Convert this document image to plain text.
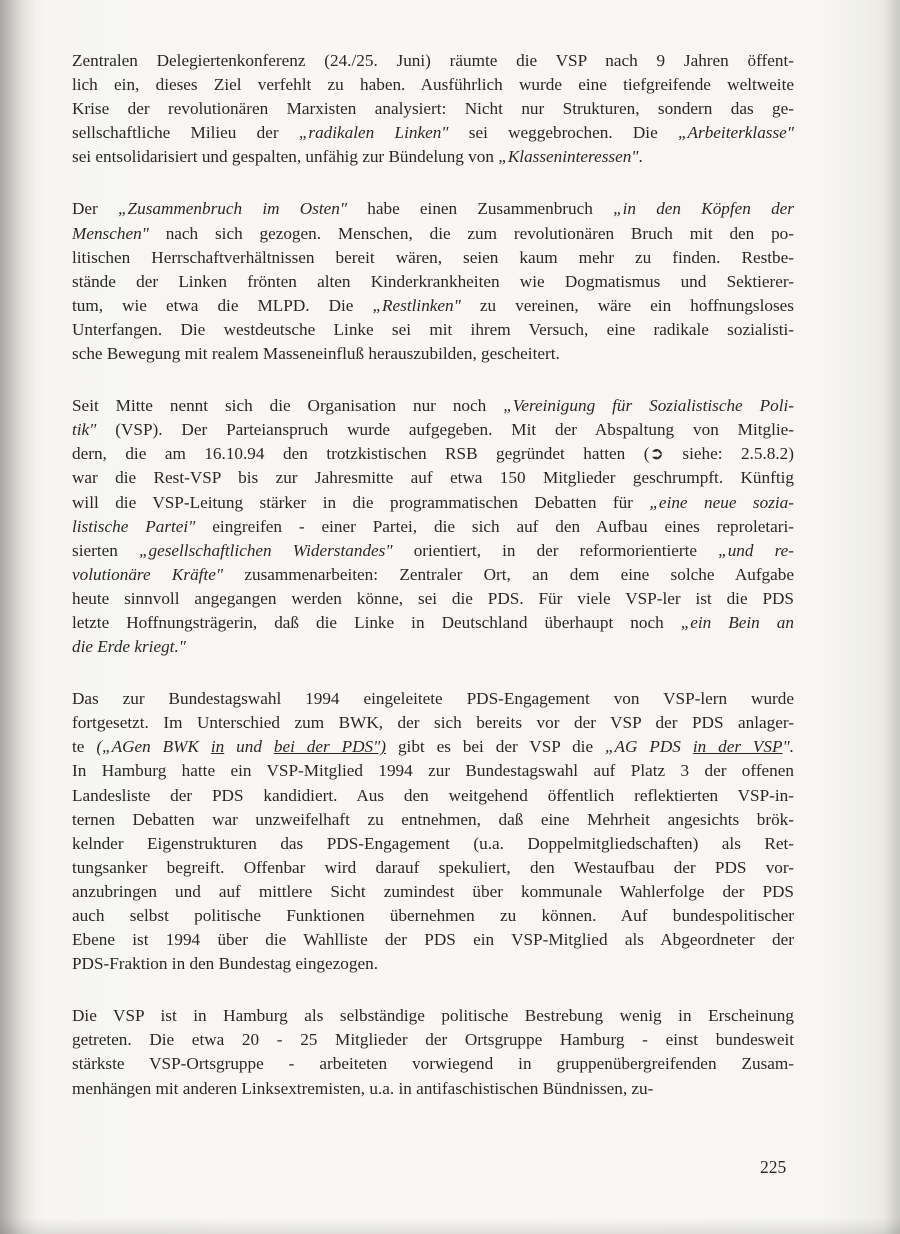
Zentralen Delegiertenkonferenz (24./25. Juni) räumte die VSP nach 9 Jahren öffent-
lich ein, dieses Ziel verfehlt zu haben. Ausführlich wurde eine tiefgreifende weltweite
Krise der revolutionären Marxisten analysiert: Nicht nur Strukturen, sondern das ge-
sellschaftliche Milieu der „radikalen Linken" sei weggebrochen. Die „Arbeiterklasse"
sei entsolidarisiert und gespalten, unfähig zur Bündelung von „Klasseninteressen".
Der „Zusammenbruch im Osten" habe einen Zusammenbruch „in den Köpfen der
Menschen" nach sich gezogen. Menschen, die zum revolutionären Bruch mit den po-
litischen Herrschaftverhältnissen bereit wären, seien kaum mehr zu finden. Restbe-
stände der Linken frönten alten Kinderkrankheiten wie Dogmatismus und Sektierer-
tum, wie etwa die MLPD. Die „Restlinken" zu vereinen, wäre ein hoffnungsloses
Unterfangen. Die westdeutsche Linke sei mit ihrem Versuch, eine radikale sozialisti-
sche Bewegung mit realem Masseneinfluß herauszubilden, gescheitert.
Seit Mitte nennt sich die Organisation nur noch „Vereinigung für Sozialistische Poli-
tik" (VSP). Der Parteianspruch wurde aufgegeben. Mit der Abspaltung von Mitglie-
dern, die am 16.10.94 den trotzkistischen RSB gegründet hatten (➲ siehe: 2.5.8.2)
war die Rest-VSP bis zur Jahresmitte auf etwa 150 Mitglieder geschrumpft. Künftig
will die VSP-Leitung stärker in die programmatischen Debatten für „eine neue sozia-
listische Partei" eingreifen - einer Partei, die sich auf den Aufbau eines reproletari-
sierten „gesellschaftlichen Widerstandes" orientiert, in der reformorientierte „und re-
volutionäre Kräfte" zusammenarbeiten: Zentraler Ort, an dem eine solche Aufgabe
heute sinnvoll angegangen werden könne, sei die PDS. Für viele VSP-ler ist die PDS
letzte Hoffnungsträgerin, daß die Linke in Deutschland überhaupt noch „ein Bein an
die Erde kriegt."
Das zur Bundestagswahl 1994 eingeleitete PDS-Engagement von VSP-lern wurde
fortgesetzt. Im Unterschied zum BWK, der sich bereits vor der VSP der PDS anlager-
te („AGen BWK in und bei der PDS") gibt es bei der VSP die „AG PDS in der VSP".
In Hamburg hatte ein VSP-Mitglied 1994 zur Bundestagswahl auf Platz 3 der offenen
Landesliste der PDS kandidiert. Aus den weitgehend öffentlich reflektierten VSP-in-
ternen Debatten war unzweifelhaft zu entnehmen, daß eine Mehrheit angesichts brök-
kelnder Eigenstrukturen das PDS-Engagement (u.a. Doppelmitgliedschaften) als Ret-
tungsanker begreift. Offenbar wird darauf spekuliert, den Westaufbau der PDS vor-
anzubringen und auf mittlere Sicht zumindest über kommunale Wahlerfolge der PDS
auch selbst politische Funktionen übernehmen zu können. Auf bundespolitischer
Ebene ist 1994 über die Wahlliste der PDS ein VSP-Mitglied als Abgeordneter der
PDS-Fraktion in den Bundestag eingezogen.
Die VSP ist in Hamburg als selbständige politische Bestrebung wenig in Erscheinung
getreten. Die etwa 20 - 25 Mitglieder der Ortsgruppe Hamburg - einst bundesweit
stärkste VSP-Ortsgruppe - arbeiteten vorwiegend in gruppenübergreifenden Zusam-
menhängen mit anderen Linksextremisten, u.a. in antifaschistischen Bündnissen, zu-
225
